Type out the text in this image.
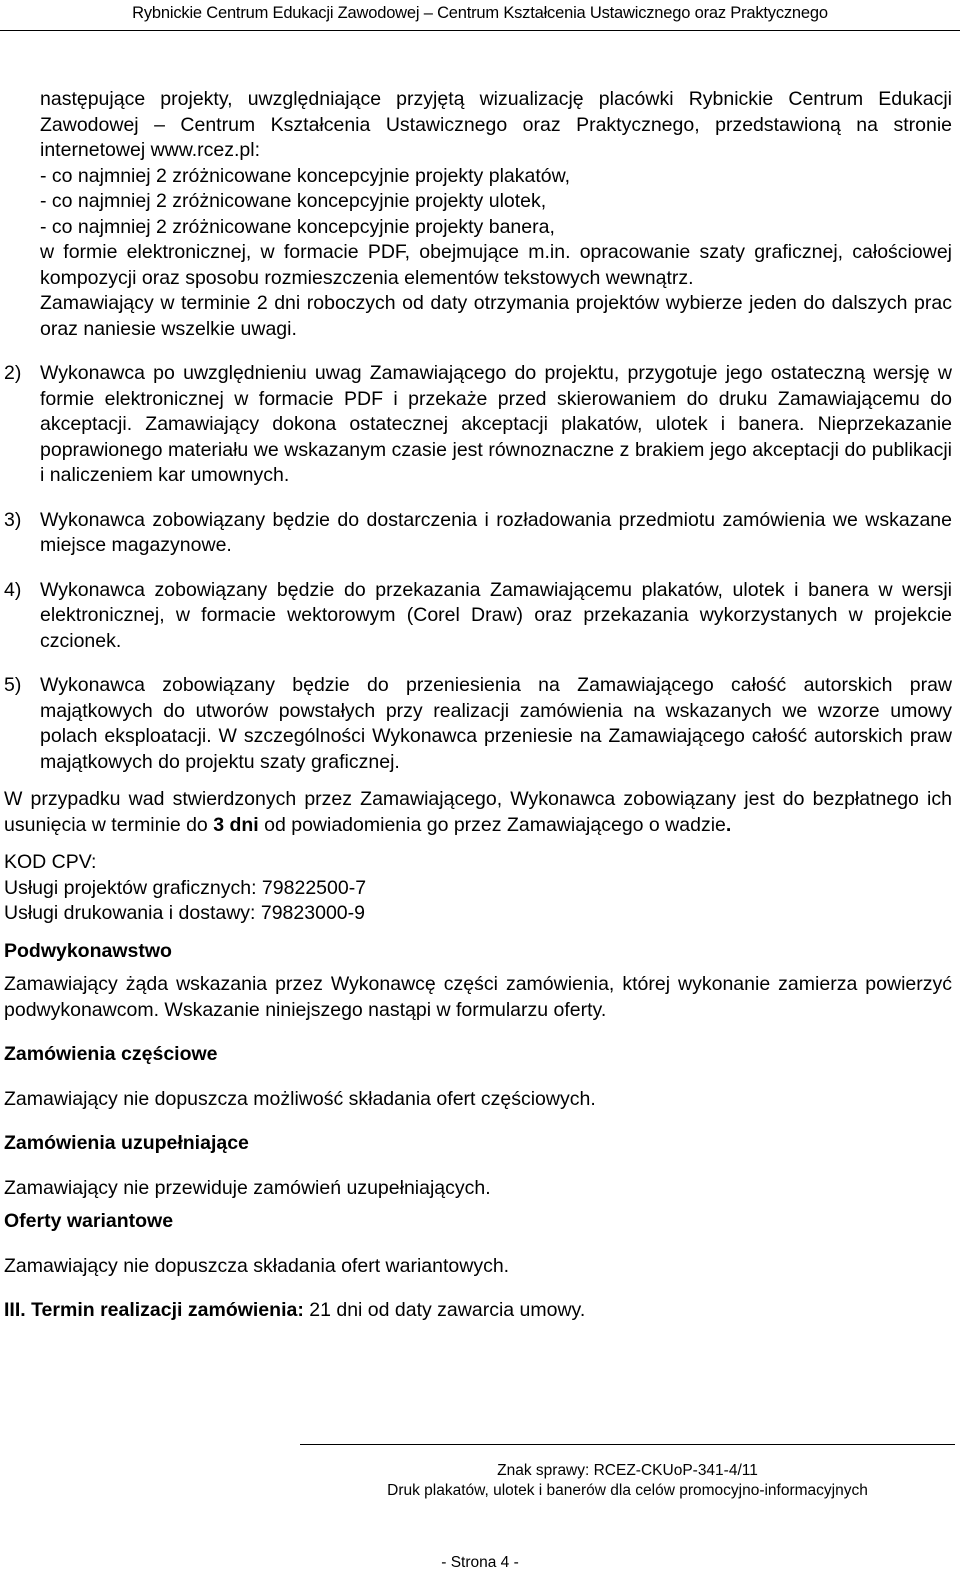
Rybnickie Centrum Edukacji Zawodowej – Centrum Kształcenia Ustawicznego oraz Praktycznego

następujące projekty, uwzględniające przyjętą wizualizację placówki Rybnickie Centrum Edukacji Zawodowej – Centrum Kształcenia Ustawicznego oraz Praktycznego, przedstawioną na stronie internetowej www.rcez.pl:

- co najmniej 2 zróżnicowane koncepcyjnie projekty plakatów,

- co najmniej 2 zróżnicowane koncepcyjnie projekty ulotek,

- co najmniej 2 zróżnicowane koncepcyjnie projekty banera,

w formie elektronicznej, w formacie PDF, obejmujące m.in. opracowanie szaty graficznej, całościowej kompozycji oraz sposobu rozmieszczenia elementów tekstowych wewnątrz.

Zamawiający w terminie 2 dni roboczych od daty otrzymania projektów wybierze jeden do dalszych prac oraz naniesie wszelkie uwagi.

2) Wykonawca po uwzględnieniu uwag Zamawiającego do projektu, przygotuje jego ostateczną wersję w formie elektronicznej w formacie PDF i przekaże przed skierowaniem do druku Zamawiającemu do akceptacji. Zamawiający dokona ostatecznej akceptacji plakatów, ulotek i banera. Nieprzekazanie poprawionego materiału we wskazanym czasie jest równoznaczne z brakiem jego akceptacji do publikacji i naliczeniem kar umownych.

3) Wykonawca zobowiązany będzie do dostarczenia i rozładowania przedmiotu zamówienia we wskazane miejsce magazynowe.

4) Wykonawca zobowiązany będzie do przekazania Zamawiającemu plakatów, ulotek i banera w wersji elektronicznej, w formacie wektorowym (Corel Draw) oraz przekazania wykorzystanych w projekcie czcionek.

5) Wykonawca zobowiązany będzie do przeniesienia na Zamawiającego całość autorskich praw majątkowych do utworów powstałych przy realizacji zamówienia na wskazanych we wzorze umowy polach eksploatacji. W szczególności Wykonawca przeniesie na Zamawiającego całość autorskich praw majątkowych do projektu szaty graficznej.

W przypadku wad stwierdzonych przez Zamawiającego, Wykonawca zobowiązany jest do bezpłatnego ich usunięcia w terminie do 3 dni od powiadomienia go przez Zamawiającego o wadzie.

KOD CPV:

Usługi projektów graficznych: 79822500-7

Usługi drukowania i dostawy: 79823000-9

Podwykonawstwo

Zamawiający żąda wskazania przez Wykonawcę części zamówienia, której wykonanie zamierza powierzyć podwykonawcom. Wskazanie niniejszego nastąpi w formularzu oferty.

Zamówienia częściowe

Zamawiający nie dopuszcza możliwość składania ofert częściowych.

Zamówienia uzupełniające

Zamawiający nie przewiduje zamówień uzupełniających.

Oferty wariantowe

Zamawiający nie dopuszcza składania ofert wariantowych.

III. Termin realizacji zamówienia: 21 dni od daty zawarcia umowy.

Znak sprawy: RCEZ-CKUoP-341-4/11
Druk plakatów, ulotek i banerów dla celów promocyjno-informacyjnych
- Strona 4 -
